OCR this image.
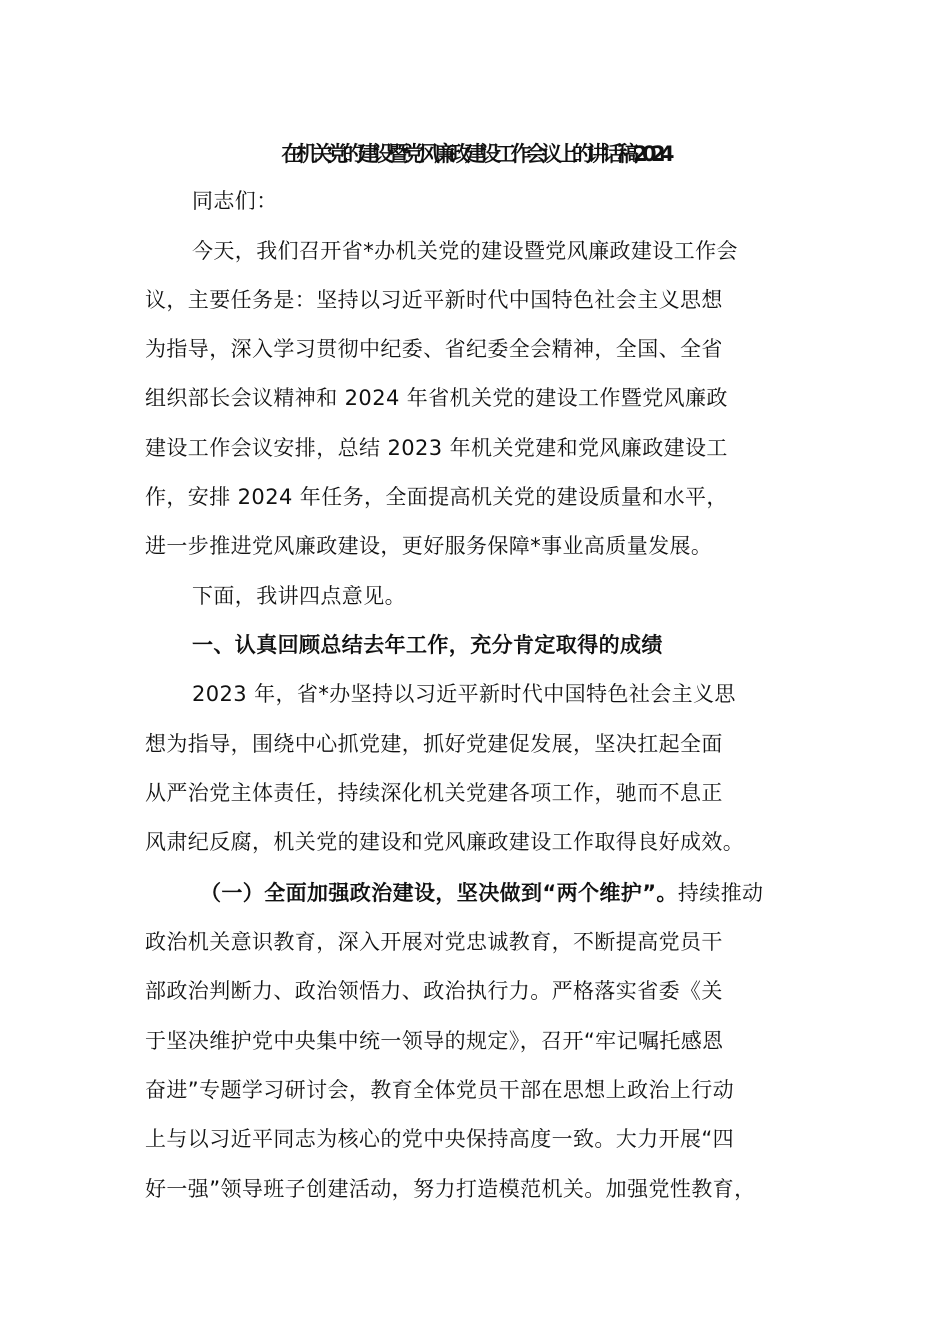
在机关党的建设暨党风廉政建设工作会议上的讲话稿2024
同志们：
今天，我们召开省*办机关党的建设暨党风廉政建设工作会
议，主要任务是：坚持以习近平新时代中国特色社会主义思想
为指导，深入学习贯彻中纪委、省纪委全会精神，全国、全省
组织部长会议精神和 2024 年省机关党的建设工作暨党风廉政
建设工作会议安排，总结 2023 年机关党建和党风廉政建设工
作，安排 2024 年任务，全面提高机关党的建设质量和水平，
进一步推进党风廉政建设，更好服务保障*事业高质量发展。
下面，我讲四点意见。
一、认真回顾总结去年工作，充分肯定取得的成绩
2023 年，省*办坚持以习近平新时代中国特色社会主义思
想为指导，围绕中心抓党建，抓好党建促发展，坚决扛起全面
从严治党主体责任，持续深化机关党建各项工作，驰而不息正
风肃纪反腐，机关党的建设和党风廉政建设工作取得良好成效。
（一）全面加强政治建设，坚决做到“两个维护”。持续推动
政治机关意识教育，深入开展对党忠诚教育，不断提高党员干
部政治判断力、政治领悟力、政治执行力。严格落实省委《关
于坚决维护党中央集中统一领导的规定》，召开“牢记嘱托感恩
奋进”专题学习研讨会，教育全体党员干部在思想上政治上行动
上与以习近平同志为核心的党中央保持高度一致。大力开展“四
好一强”领导班子创建活动，努力打造模范机关。加强党性教育，
